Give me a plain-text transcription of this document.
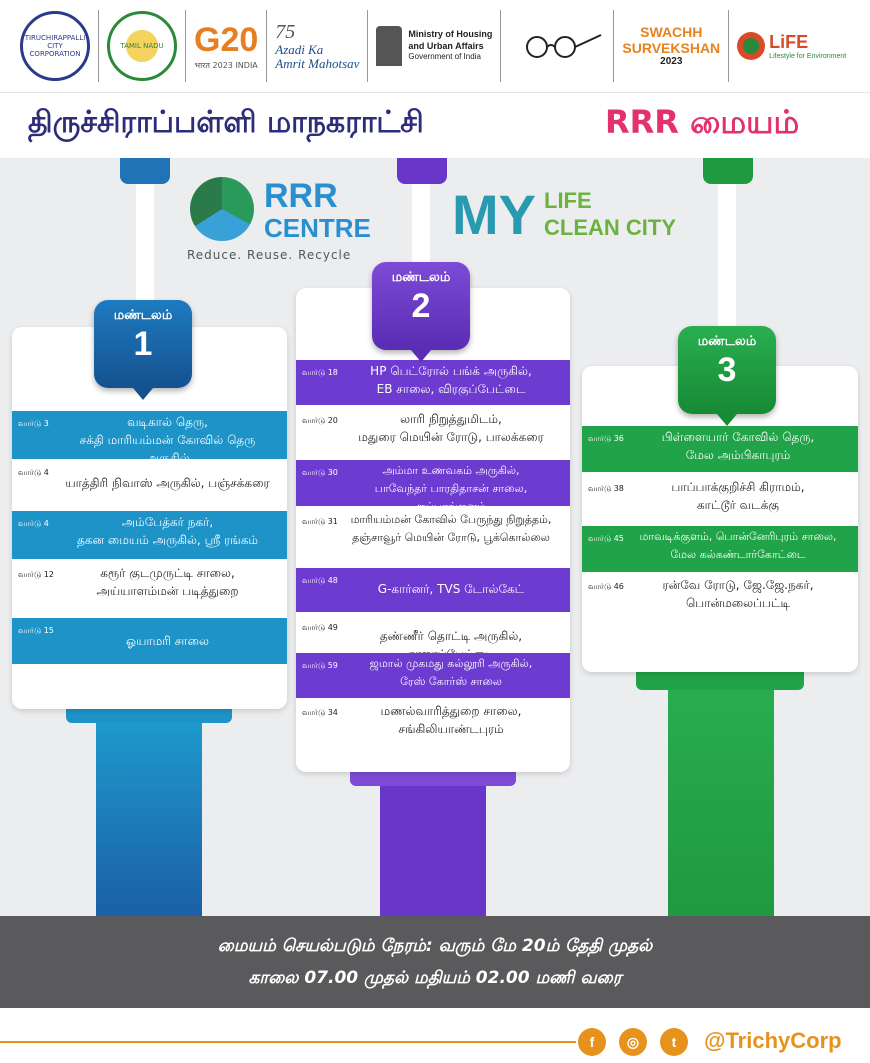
TIRUCHIRAPPALLI CITY CORPORATION
TAMIL NADU G20
भारत 2023 INDIA
75
Azadi Ka
Amrit Mahotsav
Ministry of Housing
and Urban Affairs
Government of India
SWACHH
SURVEKSHAN
2023
LiFE
Lifestyle for Environment
திருச்சிராப்பள்ளி மாநகராட்சி	RRR மையம்
RRR
CENTRE
Reduce. Reuse. Recycle
MY LIFE
CLEAN CITY
வார்டு 3	வடிகால் தெரு,
சக்தி மாரியம்மன் கோவில் தெரு அருகில்
வார்டு 4
யாத்திரி நிவாஸ் அருகில், பஞ்சக்கரை
வார்டு 4	அம்பேத்கர் நகர்,
தகன மையம் அருகில், ஸ்ரீ ரங்கம்
வார்டு 12	கரூர் குடமுருட்டி சாலை,
அய்யாளம்மன் படித்துறை
வார்டு 15
ஓயாமரி சாலை
மண்டலம்
1
வார்டு 18	HP பெட்ரோல் பங்க் அருகில்,
EB சாலை, விரகுப்பேட்டை
வார்டு 20	லாரி நிறுத்துமிடம்,
மதுரை மெயின் ரோடு, பாலக்கரை
வார்டு 30	அம்மா உணவகம் அருகில்,
பாவேந்தர் பாரதிதாசன் சாலை, குப்பாங்குளம்
வார்டு 31	மாரியம்மன் கோவில் பேருந்து நிறுத்தம்,
தஞ்சாவூர் மெயின் ரோடு, பூக்கொல்லை
வார்டு 48
G-கார்னர், TVS டோல்கேட்
வார்டு 49
தண்ணீர் தொட்டி அருகில்,
வார்டு 59	ஜமால் முகமது கல்லூரி அருகில்,
ரேஸ் கோர்ஸ் சாலை
வார்டு 34	மணல்வாரித்துறை சாலை,
சங்கிலியாண்டபுரம்
மண்டலம்
2
வார்டு 36	பிள்ளையார் கோவில் தெரு,
மேல அம்பிகாபுரம்
வார்டு 38	பாப்பாக்குறிச்சி கிராமம்,
காட்டூர் வடக்கு
வார்டு 45	மாவடிக்குளம், பொன்னேரிபுரம் சாலை,
மேல கல்கண்டார்கோட்டை
வார்டு 46	ரன்வே ரோடு, ஜே.ஜே.நகர்,
பொன்மலைப்பட்டி
மண்டலம்
3
மையம் செயல்படும் நேரம்: வரும் மே 20ம் தேதி முதல்
காலை 07.00 முதல் மதியம் 02.00 மணி வரை
f	◎	t	@TrichyCorp
